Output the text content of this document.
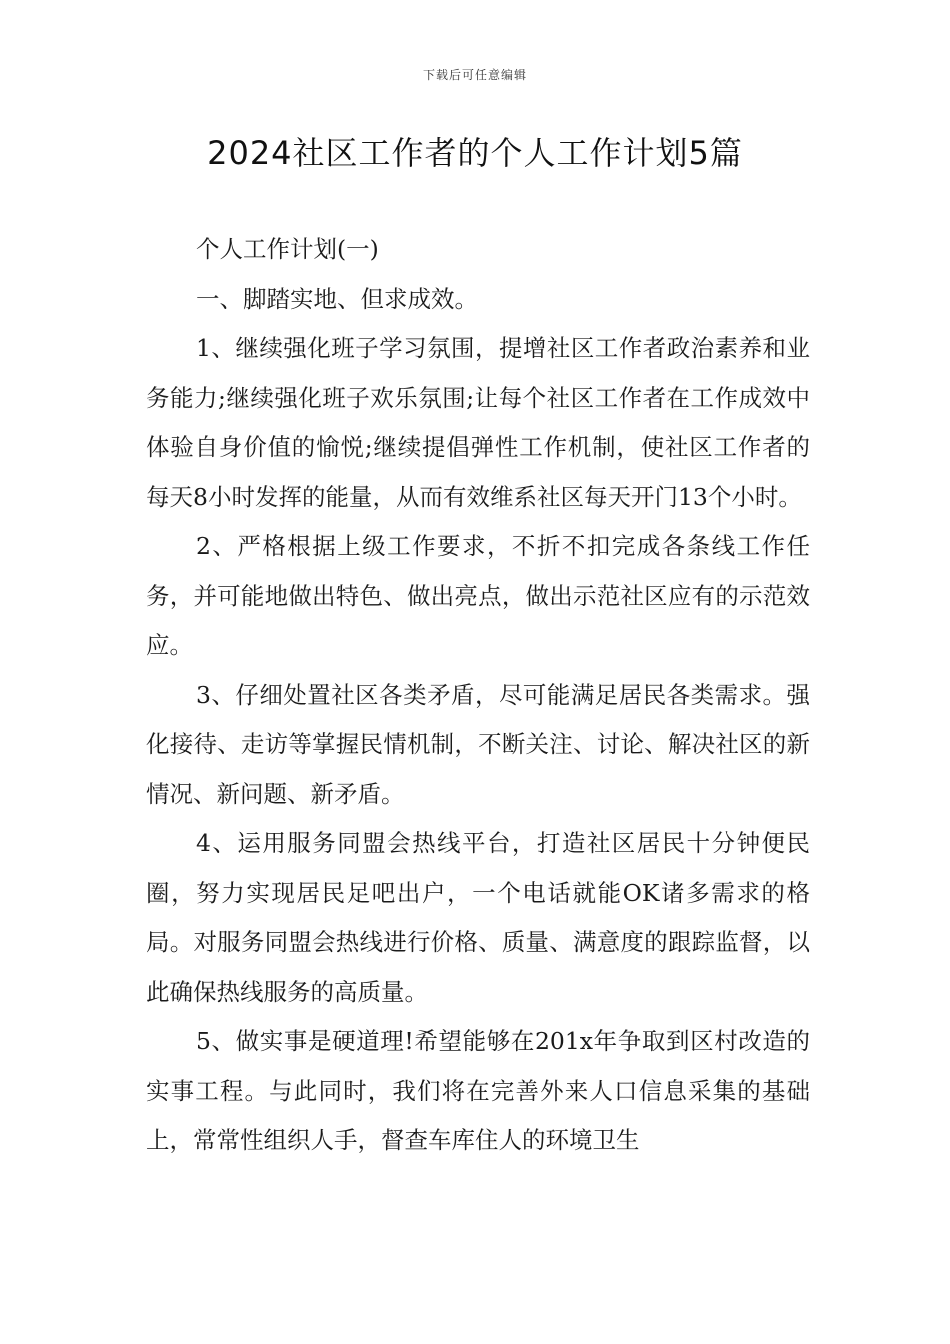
下载后可任意编辑
2024社区工作者的个人工作计划5篇

个人工作计划(一)

一、脚踏实地、但求成效。

1、继续强化班子学习氛围，提增社区工作者政治素养和业务能力;继续强化班子欢乐氛围;让每个社区工作者在工作成效中体验自身价值的愉悦;继续提倡弹性工作机制，使社区工作者的每天8小时发挥的能量，从而有效维系社区每天开门13个小时。

2、严格根据上级工作要求，不折不扣完成各条线工作任务，并可能地做出特色、做出亮点，做出示范社区应有的示范效应。

3、仔细处置社区各类矛盾，尽可能满足居民各类需求。强化接待、走访等掌握民情机制，不断关注、讨论、解决社区的新情况、新问题、新矛盾。

4、运用服务同盟会热线平台，打造社区居民十分钟便民圈，努力实现居民足吧出户，一个电话就能OK诸多需求的格局。对服务同盟会热线进行价格、质量、满意度的跟踪监督，以此确保热线服务的高质量。

5、做实事是硬道理!希望能够在201x年争取到区村改造的实事工程。与此同时，我们将在完善外来人口信息采集的基础上，常常性组织人手，督查车库住人的环境卫生
